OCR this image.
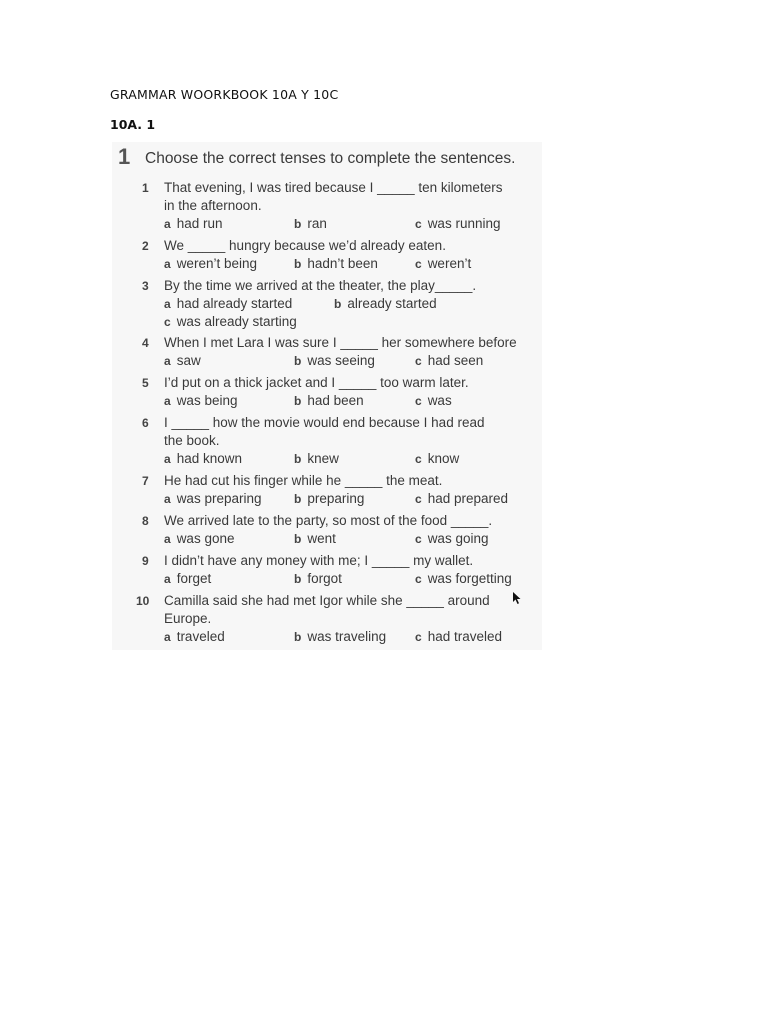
GRAMMAR WOORKBOOK 10A Y 10C
10A. 1
1 Choose the correct tenses to complete the sentences.
1 That evening, I was tired because I _____ ten kilometers
in the afternoon.
a had run	b ran	c was running
2 We _____ hungry because we’d already eaten.
a weren’t being	b hadn’t been	c weren’t
3 By the time we arrived at the theater, the play_____.
a had already started	b already started
c was already starting
4 When I met Lara I was sure I _____ her somewhere before
a saw	b was seeing	c had seen
5 I’d put on a thick jacket and I _____ too warm later.
a was being	b had been	c was
6 I _____ how the movie would end because I had read
the book.
a had known	b knew	c know
7 He had cut his finger while he _____ the meat.
a was preparing	b preparing	c had prepared
8 We arrived late to the party, so most of the food _____.
a was gone	b went	c was going
9 I didn’t have any money with me; I _____ my wallet.
a forget	b forgot	c was forgetting
10 Camilla said she had met Igor while she _____ around
Europe.
a traveled	b was traveling c had traveled
